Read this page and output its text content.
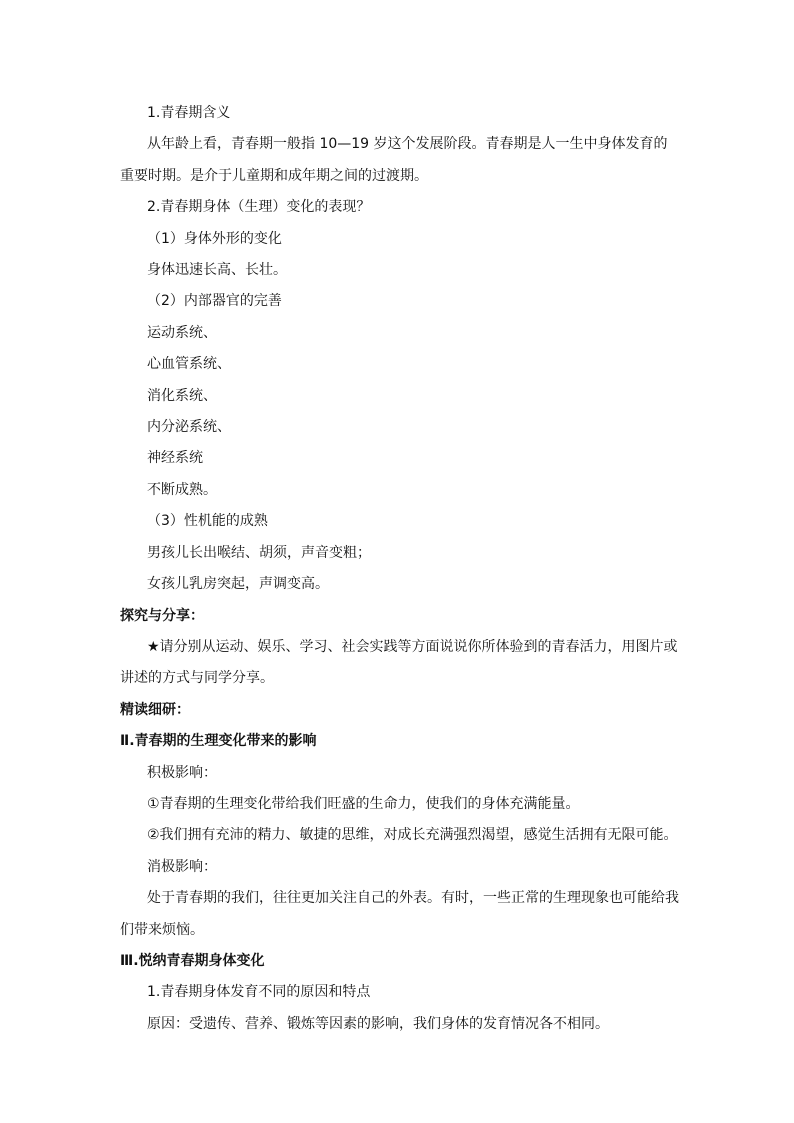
1.青春期含义

从年龄上看，青春期一般指 10—19 岁这个发展阶段。青春期是人一生中身体发育的重要时期。是介于儿童期和成年期之间的过渡期。

2.青春期身体（生理）变化的表现？

（1）身体外形的变化

身体迅速长高、长壮。

（2）内部器官的完善

运动系统、

心血管系统、

消化系统、

内分泌系统、

神经系统

不断成熟。

（3）性机能的成熟

男孩儿长出喉结、胡须，声音变粗；

女孩儿乳房突起，声调变高。

探究与分享：

★请分别从运动、娱乐、学习、社会实践等方面说说你所体验到的青春活力，用图片或讲述的方式与同学分享。

精读细研：

Ⅱ.青春期的生理变化带来的影响

积极影响：

①青春期的生理变化带给我们旺盛的生命力，使我们的身体充满能量。

②我们拥有充沛的精力、敏捷的思维，对成长充满强烈渴望，感觉生活拥有无限可能。

消极影响：

处于青春期的我们，往往更加关注自己的外表。有时，一些正常的生理现象也可能给我们带来烦恼。

Ⅲ.悦纳青春期身体变化

1.青春期身体发育不同的原因和特点

原因：受遗传、营养、锻炼等因素的影响，我们身体的发育情况各不相同。
